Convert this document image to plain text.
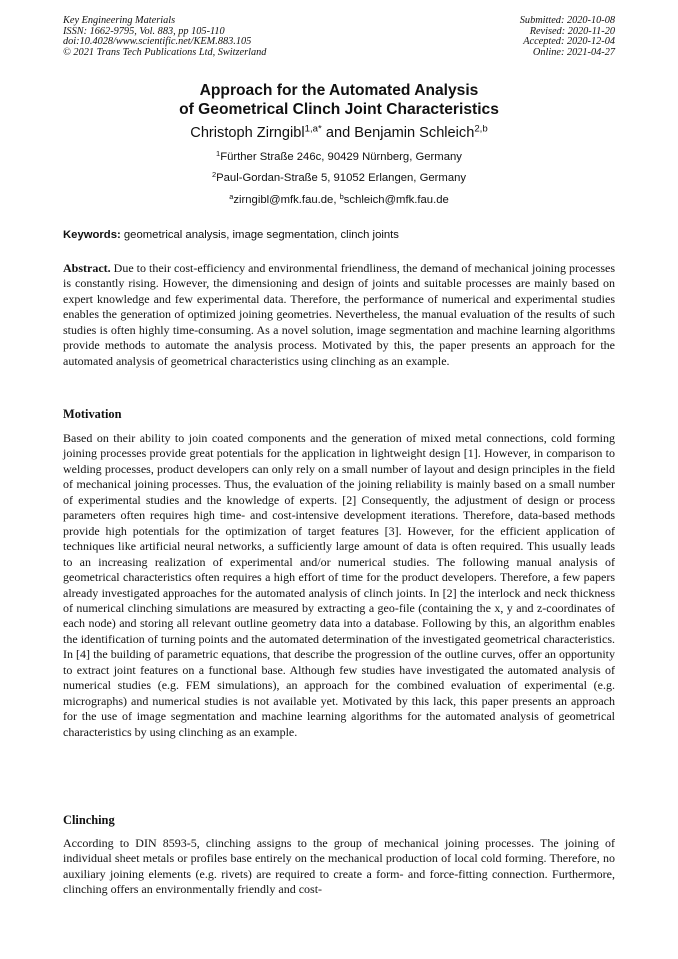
Key Engineering Materials
ISSN: 1662-9795, Vol. 883, pp 105-110
doi:10.4028/www.scientific.net/KEM.883.105
© 2021 Trans Tech Publications Ltd, Switzerland
Submitted: 2020-10-08
Revised: 2020-11-20
Accepted: 2020-12-04
Online: 2021-04-27
Approach for the Automated Analysis
of Geometrical Clinch Joint Characteristics
Christoph Zirngibl$^{1,a*}$ and Benjamin Schleich$^{2,b}$
$^1$Fürther Straße 246c, 90429 Nürnberg, Germany
$^2$Paul-Gordan-Straße 5, 91052 Erlangen, Germany
$^a$zirngibl@mfk.fau.de, $^b$schleich@mfk.fau.de
Keywords: geometrical analysis, image segmentation, clinch joints

Abstract. Due to their cost-efficiency and environmental friendliness, the demand of mechanical joining processes is constantly rising. However, the dimensioning and design of joints and suitable processes are mainly based on expert knowledge and few experimental data. Therefore, the performance of numerical and experimental studies enables the generation of optimized joining geometries. Nevertheless, the manual evaluation of the results of such studies is often highly time-consuming. As a novel solution, image segmentation and machine learning algorithms provide methods to automate the analysis process. Motivated by this, the paper presents an approach for the automated analysis of geometrical characteristics using clinching as an example.

Motivation

Based on their ability to join coated components and the generation of mixed metal connections, cold forming joining processes provide great potentials for the application in lightweight design [1]. However, in comparison to welding processes, product developers can only rely on a small number of layout and design principles in the field of mechanical joining processes. Thus, the evaluation of the joining reliability is mainly based on a small number of experimental studies and the knowledge of experts. [2] Consequently, the adjustment of design or process parameters often requires high time- and cost-intensive development iterations. Therefore, data-based methods provide high potentials for the optimization of target features [3]. However, for the efficient application of techniques like artificial neural networks, a sufficiently large amount of data is often required. This usually leads to an increasing realization of experimental and/or numerical studies. The following manual analysis of geometrical characteristics often requires a high effort of time for the product developers. Therefore, a few papers already investigated approaches for the automated analysis of clinch joints. In [2] the interlock and neck thickness of numerical clinching simulations are measured by extracting a geo-file (containing the x, y and z-coordinates of each node) and storing all relevant outline geometry data into a database. Following by this, an algorithm enables the identification of turning points and the automated determination of the investigated geometrical characteristics. In [4] the building of parametric equations, that describe the progression of the outline curves, offer an opportunity to extract joint features on a functional base. Although few studies have investigated the automated analysis of numerical studies (e.g. FEM simulations), an approach for the combined evaluation of experimental (e.g. micrographs) and numerical studies is not available yet. Motivated by this lack, this paper presents an approach for the use of image segmentation and machine learning algorithms for the automated analysis of geometrical characteristics by using clinching as an example.

Clinching

According to DIN 8593-5, clinching assigns to the group of mechanical joining processes. The joining of individual sheet metals or profiles base entirely on the mechanical production of local cold forming. Therefore, no auxiliary joining elements (e.g. rivets) are required to create a form- and force-fitting connection. Furthermore, clinching offers an environmentally friendly and cost-
